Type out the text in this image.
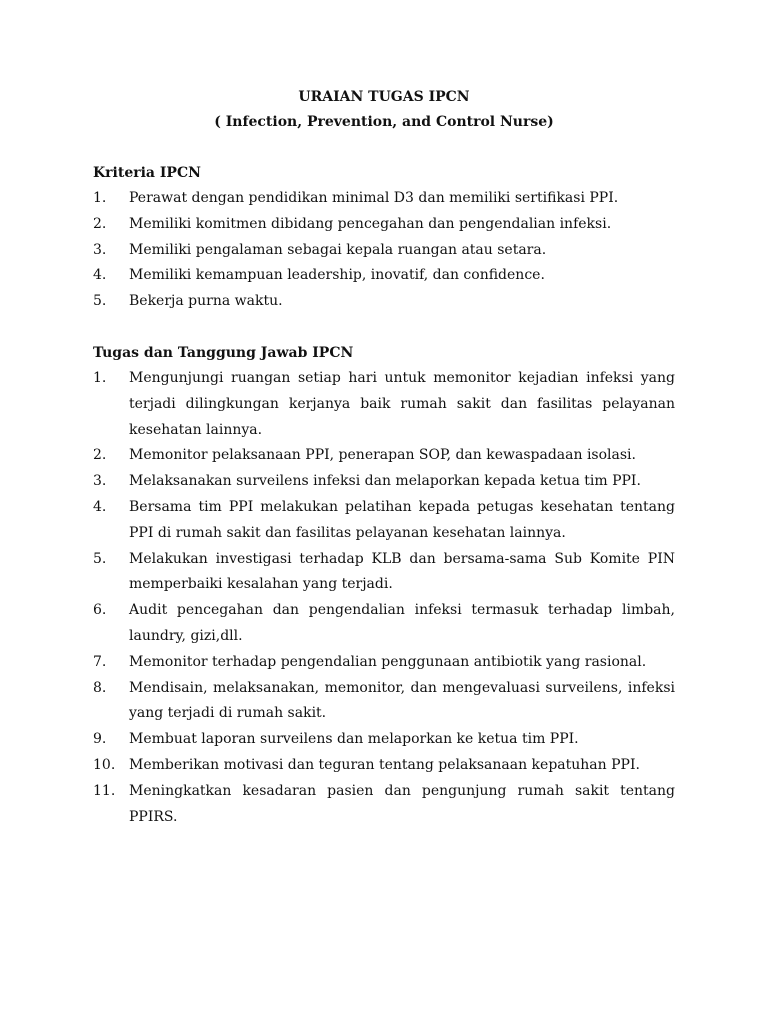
URAIAN TUGAS IPCN

( Infection, Prevention, and Control Nurse)

Kriteria IPCN

1.	Perawat dengan pendidikan minimal D3 dan memiliki sertifikasi PPI.
2.	Memiliki komitmen dibidang pencegahan dan pengendalian infeksi.
3.	Memiliki pengalaman sebagai kepala ruangan atau setara.
4.	Memiliki kemampuan leadership, inovatif, dan confidence.
5.	Bekerja purna waktu.

Tugas dan Tanggung Jawab IPCN

1.	Mengunjungi ruangan setiap hari untuk memonitor kejadian infeksi yang terjadi dilingkungan kerjanya baik rumah sakit dan fasilitas pelayanan kesehatan lainnya.
2.	Memonitor pelaksanaan PPI, penerapan SOP, dan kewaspadaan isolasi.
3.	Melaksanakan surveilens infeksi dan melaporkan kepada ketua tim PPI.
4.	Bersama tim PPI melakukan pelatihan kepada petugas kesehatan tentang PPI di rumah sakit dan fasilitas pelayanan kesehatan lainnya.
5.	Melakukan investigasi terhadap KLB dan bersama-sama Sub Komite PIN memperbaiki kesalahan yang terjadi.
6.	Audit pencegahan dan pengendalian infeksi termasuk terhadap limbah, laundry, gizi,dll.
7.	Memonitor terhadap pengendalian penggunaan antibiotik yang rasional.
8.	Mendisain, melaksanakan, memonitor, dan mengevaluasi surveilens, infeksi yang terjadi di rumah sakit.
9.	Membuat laporan surveilens dan melaporkan ke ketua tim PPI.
10. Memberikan motivasi dan teguran tentang pelaksanaan kepatuhan PPI.
11. Meningkatkan kesadaran pasien dan pengunjung rumah sakit tentang PPIRS.
